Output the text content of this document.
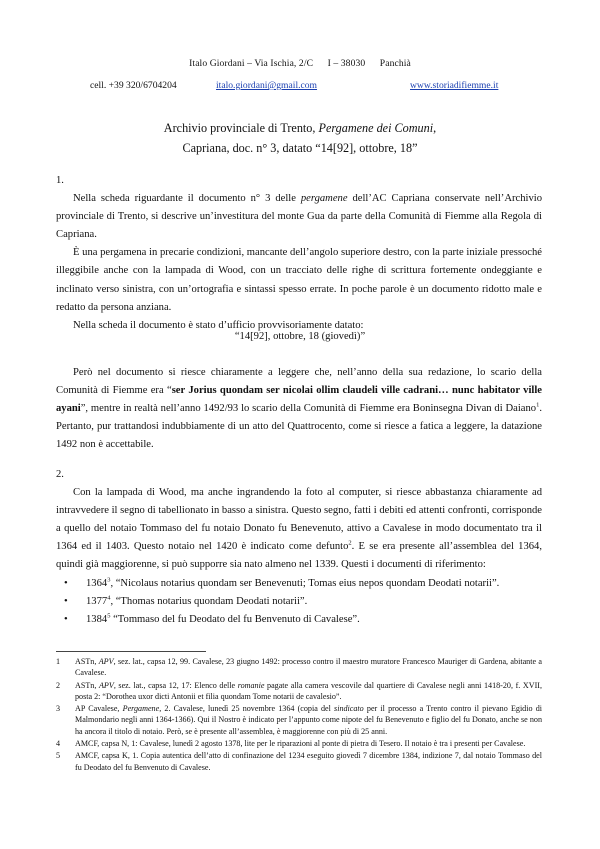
Italo Giordani – Via Ischia, 2/C I – 38030 Panchià
cell. +39 320/6704204	italo.giordani@gmail.com	www.storiadifiemme.it
Archivio provinciale di Trento, Pergamene dei Comuni,
Capriana, doc. n° 3, datato “14[92], ottobre, 18”

1.

Nella scheda riguardante il documento n° 3 delle pergamene dell’AC Capriana conservate nell’Archivio provinciale di Trento, si descrive un’investitura del monte Gua da parte della Comunità di Fiemme alla Regola di Capriana.

È una pergamena in precarie condizioni, mancante dell’angolo superiore destro, con la parte iniziale pressoché illeggibile anche con la lampada di Wood, con un tracciato delle righe di scrittura fortemente ondeggiante e inclinato verso sinistra, con un’ortografia e sintassi spesso errate. In poche parole è un documento ridotto male e redatto da persona anziana.

Nella scheda il documento è stato d’ufficio provvisoriamente datato:

“14[92], ottobre, 18 (giovedì)”

Però nel documento si riesce chiaramente a leggere che, nell’anno della sua redazione, lo scario della Comunità di Fiemme era “ser Jorius quondam ser nicolai ollim claudeli ville cadrani… nunc habitator ville ayani”, mentre in realtà nell’anno 1492/93 lo scario della Comunità di Fiemme era Boninsegna Divan di Daiano$^1$. Pertanto, pur trattandosi indubbiamente di un atto del Quattrocento, come si riesce a fatica a leggere, la datazione 1492 non è accettabile.

2.

Con la lampada di Wood, ma anche ingrandendo la foto al computer, si riesce abbastanza chiaramente ad intravvedere il segno di tabellionato in basso a sinistra. Questo segno, fatti i debiti ed attenti confronti, corrisponde a quello del notaio Tommaso del fu notaio Donato fu Benevenuto, attivo a Cavalese in modo documentato tra il 1364 ed il 1403. Questo notaio nel 1420 è indicato come defunto$^2$. E se era presente all’assemblea del 1364, quindi già maggiorenne, si può supporre sia nato almeno nel 1339. Questi i documenti di riferimento:

• 1364$^3$, “Nicolaus notarius quondam ser Benevenuti; Tomas eius nepos quondam Deodati notarii”.
• 1377$^4$, “Thomas notarius quondam Deodati notarii”.
• 1384$^5$ “Tommaso del fu Deodato del fu Benvenuto di Cavalese”.
1 ASTn, APV, sez. lat., capsa 12, 99. Cavalese, 23 giugno 1492: processo contro il maestro muratore Francesco Mauriger di Gardena, abitante a Cavalese.
2 ASTn, APV, sez. lat., capsa 12, 17: Elenco delle romanie pagate alla camera vescovile dal quartiere di Cavalese negli anni 1418-20, f. XVII, posta 2: “Dorothea uxor dicti Antonii et filia quondam Tome notarii de cavalesio”.
3 AP Cavalese, Pergamene, 2. Cavalese, lunedì 25 novembre 1364 (copia del sindicato per il processo a Trento contro il pievano Egidio di Malmondario negli anni 1364-1366). Qui il Nostro è indicato per l’appunto come nipote del fu Benevenuto e figlio del fu Donato, anche se non ha ancora il titolo di notaio. Però, se è presente all’assemblea, è maggiorenne con più di 25 anni.
4 AMCF, capsa N, 1: Cavalese, lunedì 2 agosto 1378, lite per le riparazioni al ponte di pietra di Tesero. Il notaio è tra i presenti per Cavalese.
5 AMCF, capsa K, 1. Copia autentica dell’atto di confinazione del 1234 eseguito giovedì 7 dicembre 1384, indizione 7, dal notaio Tommaso del fu Deodato del fu Benvenuto di Cavalese.
